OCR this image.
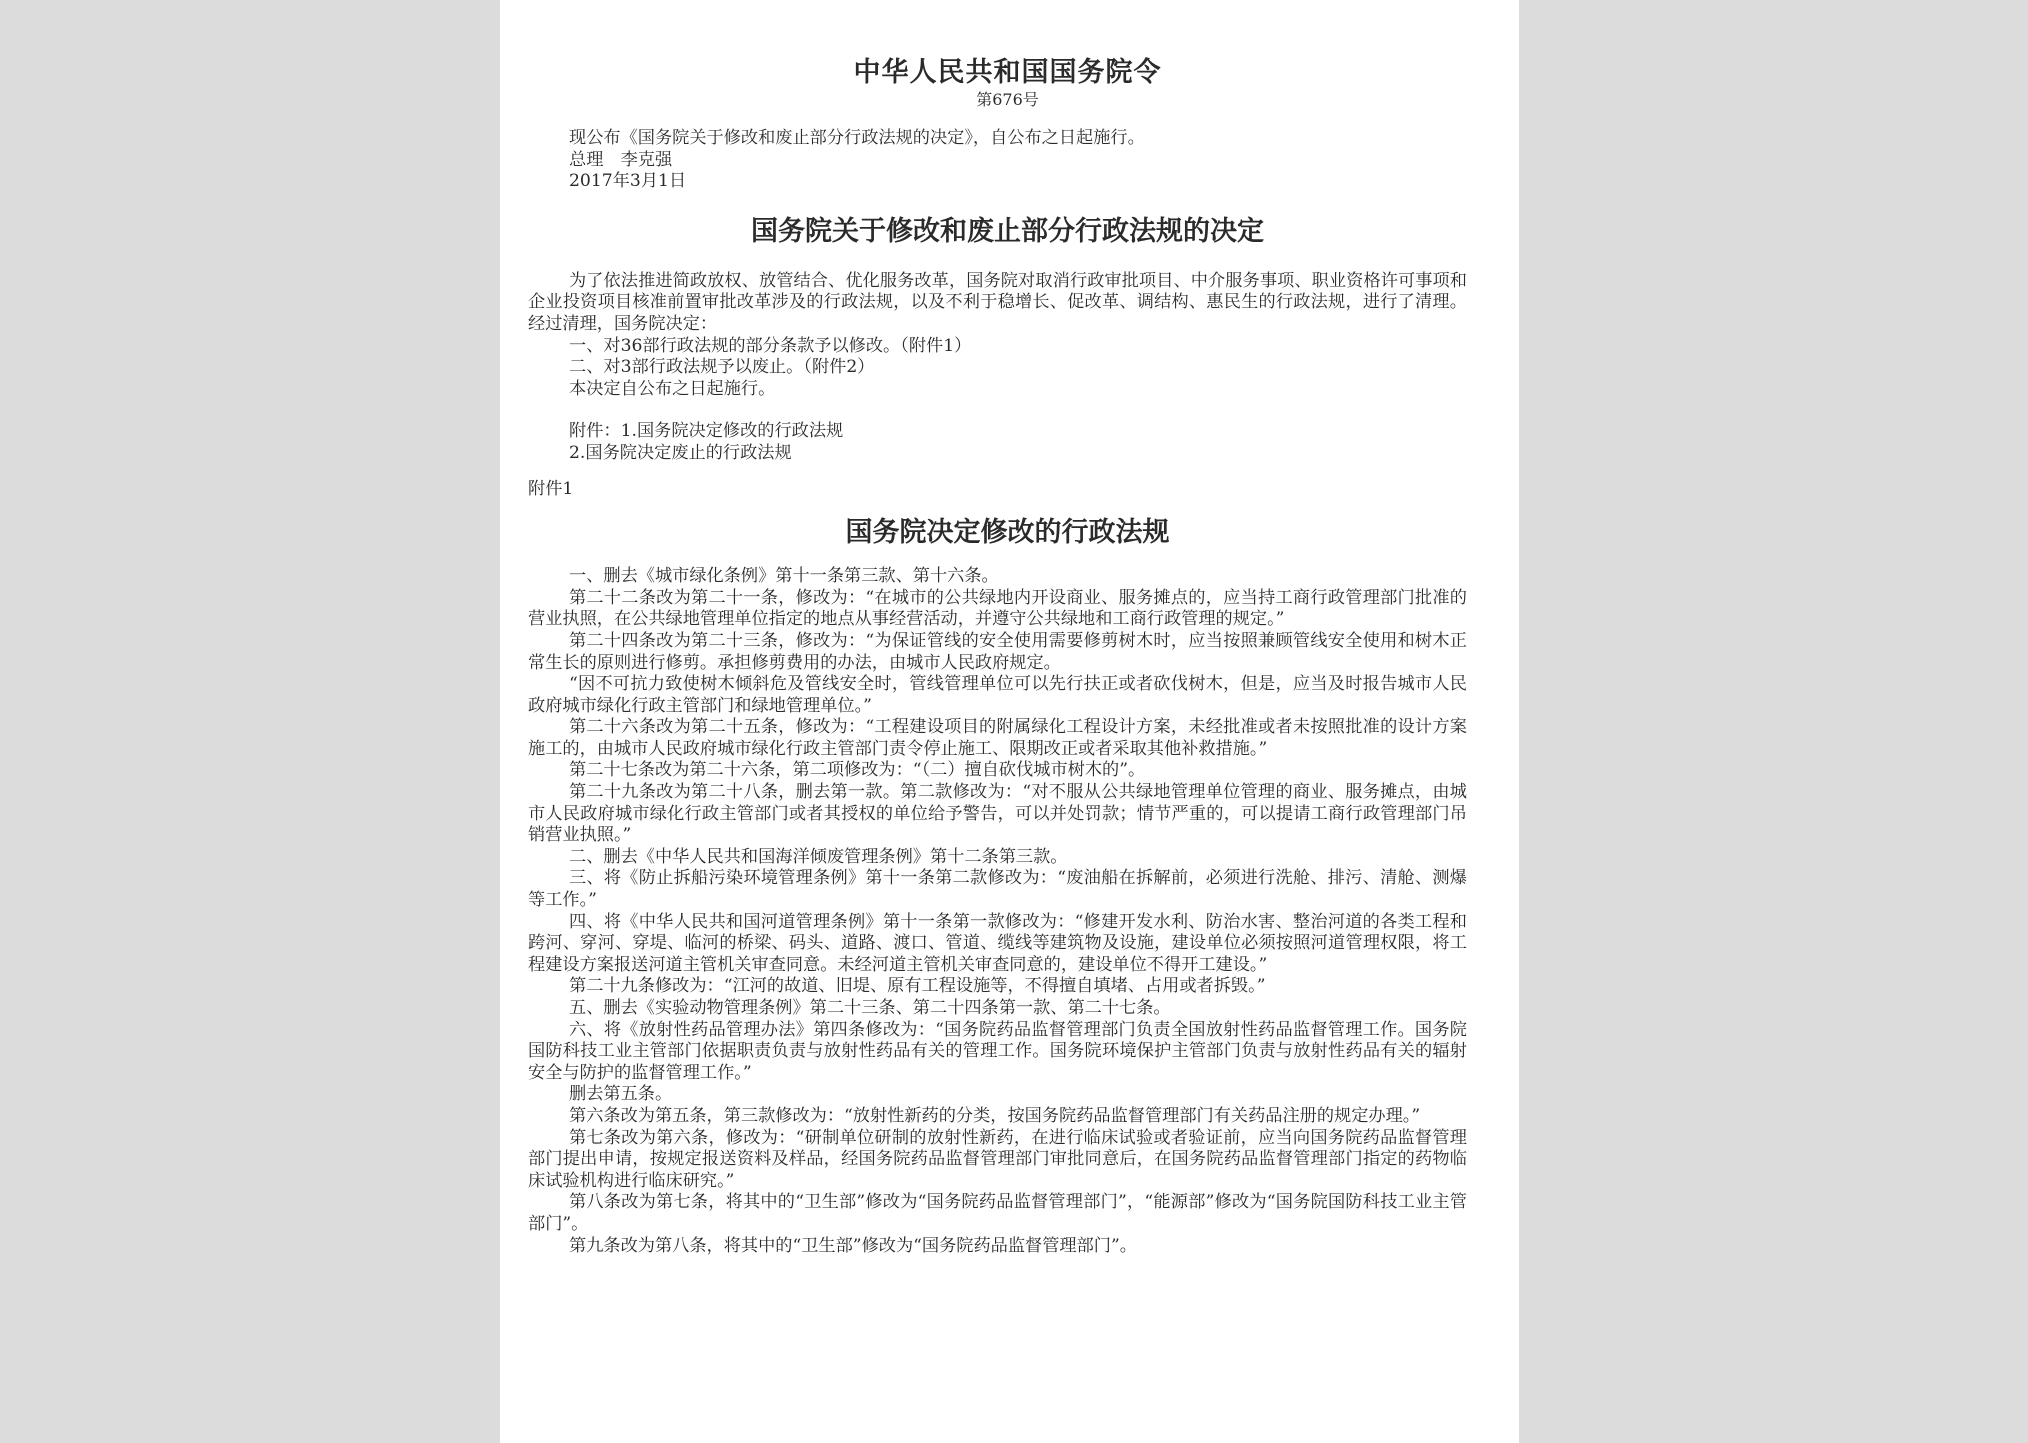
中华人民共和国国务院令

第676号

现公布《国务院关于修改和废止部分行政法规的决定》，自公布之日起施行。

总理　李克强

2017年3月1日

国务院关于修改和废止部分行政法规的决定

为了依法推进简政放权、放管结合、优化服务改革，国务院对取消行政审批项目、中介服务事项、职业资格许可事项和企业投资项目核准前置审批改革涉及的行政法规，以及不利于稳增长、促改革、调结构、惠民生的行政法规，进行了清理。经过清理，国务院决定：

一、对36部行政法规的部分条款予以修改。（附件1）

二、对3部行政法规予以废止。（附件2）

本决定自公布之日起施行。

附件：1.国务院决定修改的行政法规

2.国务院决定废止的行政法规

附件1

国务院决定修改的行政法规

一、删去《城市绿化条例》第十一条第三款、第十六条。

第二十二条改为第二十一条，修改为：“在城市的公共绿地内开设商业、服务摊点的，应当持工商行政管理部门批准的营业执照，在公共绿地管理单位指定的地点从事经营活动，并遵守公共绿地和工商行政管理的规定。”

第二十四条改为第二十三条，修改为：“为保证管线的安全使用需要修剪树木时，应当按照兼顾管线安全使用和树木正常生长的原则进行修剪。承担修剪费用的办法，由城市人民政府规定。

“因不可抗力致使树木倾斜危及管线安全时，管线管理单位可以先行扶正或者砍伐树木，但是，应当及时报告城市人民政府城市绿化行政主管部门和绿地管理单位。”

第二十六条改为第二十五条，修改为：“工程建设项目的附属绿化工程设计方案，未经批准或者未按照批准的设计方案施工的，由城市人民政府城市绿化行政主管部门责令停止施工、限期改正或者采取其他补救措施。”

第二十七条改为第二十六条，第二项修改为：“（二）擅自砍伐城市树木的”。

第二十九条改为第二十八条，删去第一款。第二款修改为：“对不服从公共绿地管理单位管理的商业、服务摊点，由城市人民政府城市绿化行政主管部门或者其授权的单位给予警告，可以并处罚款；情节严重的，可以提请工商行政管理部门吊销营业执照。”

二、删去《中华人民共和国海洋倾废管理条例》第十二条第三款。

三、将《防止拆船污染环境管理条例》第十一条第二款修改为：“废油船在拆解前，必须进行洗舱、排污、清舱、测爆等工作。”

四、将《中华人民共和国河道管理条例》第十一条第一款修改为：“修建开发水利、防治水害、整治河道的各类工程和跨河、穿河、穿堤、临河的桥梁、码头、道路、渡口、管道、缆线等建筑物及设施，建设单位必须按照河道管理权限，将工程建设方案报送河道主管机关审查同意。未经河道主管机关审查同意的，建设单位不得开工建设。”

第二十九条修改为：“江河的故道、旧堤、原有工程设施等，不得擅自填堵、占用或者拆毁。”

五、删去《实验动物管理条例》第二十三条、第二十四条第一款、第二十七条。

六、将《放射性药品管理办法》第四条修改为：“国务院药品监督管理部门负责全国放射性药品监督管理工作。国务院国防科技工业主管部门依据职责负责与放射性药品有关的管理工作。国务院环境保护主管部门负责与放射性药品有关的辐射安全与防护的监督管理工作。”

删去第五条。

第六条改为第五条，第三款修改为：“放射性新药的分类，按国务院药品监督管理部门有关药品注册的规定办理。”

第七条改为第六条，修改为：“研制单位研制的放射性新药，在进行临床试验或者验证前，应当向国务院药品监督管理部门提出申请，按规定报送资料及样品，经国务院药品监督管理部门审批同意后，在国务院药品监督管理部门指定的药物临床试验机构进行临床研究。”

第八条改为第七条，将其中的“卫生部”修改为“国务院药品监督管理部门”，“能源部”修改为“国务院国防科技工业主管部门”。

第九条改为第八条，将其中的“卫生部”修改为“国务院药品监督管理部门”。
